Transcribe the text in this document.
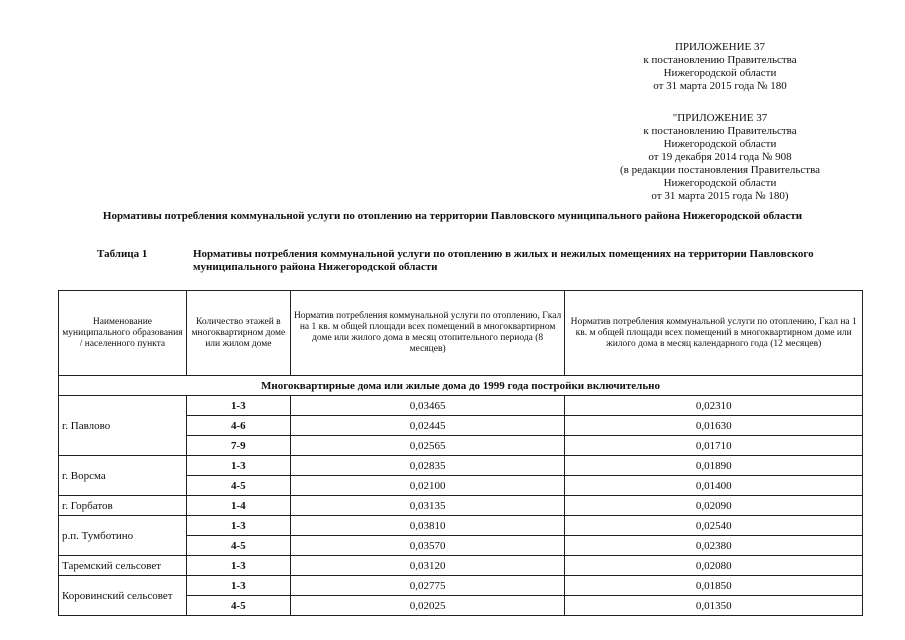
ПРИЛОЖЕНИЕ 37
к постановлению Правительства
Нижегородской области
от 31 марта 2015 года № 180
"ПРИЛОЖЕНИЕ 37
к постановлению Правительства
Нижегородской области
от 19 декабря 2014 года № 908
(в редакции постановления Правительства
Нижегородской области
от 31 марта 2015 года № 180)
Нормативы потребления коммунальной услуги по отоплению на территории Павловского муниципального района Нижегородской области
Таблица 1	Нормативы потребления коммунальной услуги по отоплению в жилых и нежилых помещениях на территории Павловского муниципального района Нижегородской области
Наименование муниципального образования / населенного пункта	Количество этажей в многоквартирном доме или жилом доме	Норматив потребления коммунальной услуги по отоплению, Гкал на 1 кв. м общей площади всех помещений в многоквартирном доме или жилого дома в месяц отопительного периода (8 месяцев)	Норматив потребления коммунальной услуги по отоплению, Гкал на 1 кв. м общей площади всех помещений в многоквартирном доме или жилого дома в месяц календарного года (12 месяцев)
Многоквартирные дома или жилые дома до 1999 года постройки включительно			
г. Павлово	1-3	0,03465	0,02310
	4-6	0,02445	0,01630
	7-9	0,02565	0,01710
г. Ворсма	1-3	0,02835	0,01890
	4-5	0,02100	0,01400
г. Горбатов	1-4	0,03135	0,02090
р.п. Тумботино	1-3	0,03810	0,02540
	4-5	0,03570	0,02380
Таремский сельсовет	1-3	0,03120	0,02080
Коровинский сельсовет	1-3	0,02775	0,01850
	4-5	0,02025	0,01350
